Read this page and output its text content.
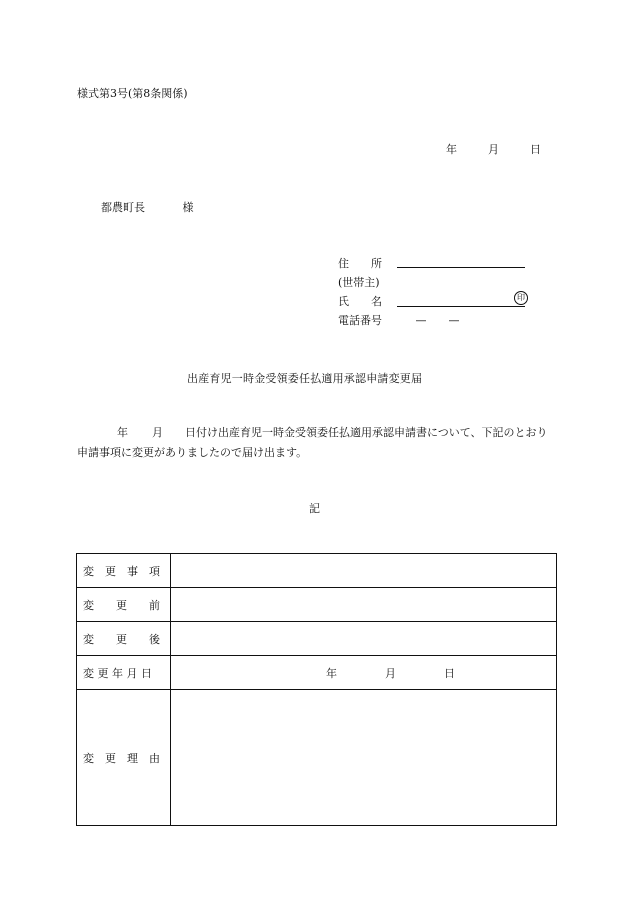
様式第3号(第8条関係)
年	月	日
都農町長	様
住　　所
(世帯主)
氏　　名	印
電話番号	—　　—
出産育児一時金受領委任払適用承認申請変更届
年 月 日付け出産育児一時金受領委任払適用承認申請書について、下記のとおり申請事項に変更がありましたので届け出ます。
記
変　更　事　項	
変　　更　　前	
変　　更　　後	
変 更 年 月 日	年 月 日
変　更　理　由	
